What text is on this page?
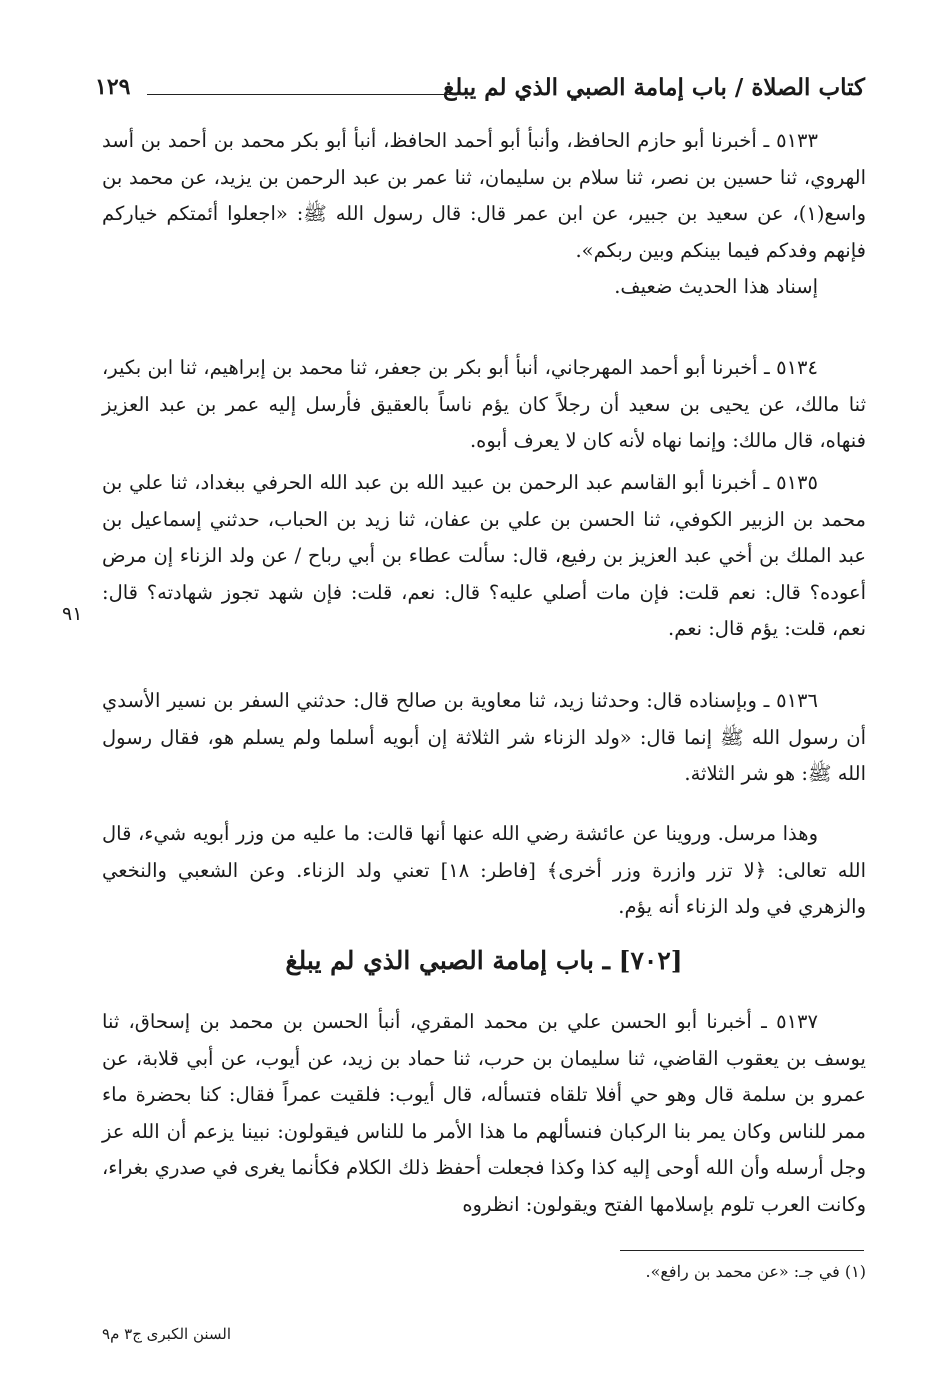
كتاب الصلاة / باب إمامة الصبي الذي لم يبلغ
١٢٩

٥١٣٣ ـ أخبرنا أبو حازم الحافظ، وأنبأ أبو أحمد الحافظ، أنبأ أبو بكر محمد بن أحمد بن أسد الهروي، ثنا حسين بن نصر، ثنا سلام بن سليمان، ثنا عمر بن عبد الرحمن بن يزيد، عن محمد بن واسع(١)، عن سعيد بن جبير، عن ابن عمر قال: قال رسول الله ﷺ: «اجعلوا أئمتكم خياركم فإنهم وفدكم فيما بينكم وبين ربكم».

إسناد هذا الحديث ضعيف.

٥١٣٤ ـ أخبرنا أبو أحمد المهرجاني، أنبأ أبو بكر بن جعفر، ثنا محمد بن إبراهيم، ثنا ابن بكير، ثنا مالك، عن يحيى بن سعيد أن رجلاً كان يؤم ناساً بالعقيق فأرسل إليه عمر بن عبد العزيز فنهاه، قال مالك: وإنما نهاه لأنه كان لا يعرف أبوه.

٥١٣٥ ـ أخبرنا أبو القاسم عبد الرحمن بن عبيد الله بن عبد الله الحرفي ببغداد، ثنا علي بن محمد بن الزبير الكوفي، ثنا الحسن بن علي بن عفان، ثنا زيد بن الحباب، حدثني إسماعيل بن عبد الملك بن أخي عبد العزيز بن رفيع، قال: سألت عطاء بن أبي رباح / عن ولد الزناء إن مرض أعوده؟ قال: نعم قلت: فإن مات أصلي عليه؟ قال: نعم، قلت: فإن شهد تجوز شهادته؟ قال: نعم، قلت: يؤم قال: نعم.

٩١

٥١٣٦ ـ وبإسناده قال: وحدثنا زيد، ثنا معاوية بن صالح قال: حدثني السفر بن نسير الأسدي أن رسول الله ﷺ إنما قال: «ولد الزناء شر الثلاثة إن أبويه أسلما ولم يسلم هو، فقال رسول الله ﷺ: هو شر الثلاثة.

وهذا مرسل. وروينا عن عائشة رضي الله عنها أنها قالت: ما عليه من وزر أبويه شيء، قال الله تعالى: ﴿لا تزر وازرة وزر أخرى﴾ [فاطر: ١٨] تعني ولد الزناء. وعن الشعبي والنخعي والزهري في ولد الزناء أنه يؤم.

[٧٠٢] ـ باب إمامة الصبي الذي لم يبلغ

٥١٣٧ ـ أخبرنا أبو الحسن علي بن محمد المقري، أنبأ الحسن بن محمد بن إسحاق، ثنا يوسف بن يعقوب القاضي، ثنا سليمان بن حرب، ثنا حماد بن زيد، عن أيوب، عن أبي قلابة، عن عمرو بن سلمة قال وهو حي أفلا تلقاه فتسأله، قال أيوب: فلقيت عمراً فقال: كنا بحضرة ماء ممر للناس وكان يمر بنا الركبان فنسألهم ما هذا الأمر ما للناس فيقولون: نبينا يزعم أن الله عز وجل أرسله وأن الله أوحى إليه كذا وكذا فجعلت أحفظ ذلك الكلام فكأنما يغرى في صدري بغراء، وكانت العرب تلوم بإسلامها الفتح ويقولون: انظروه

(١) في جـ: «عن محمد بن رافع».
السنن الكبرى ج٣ م٩
